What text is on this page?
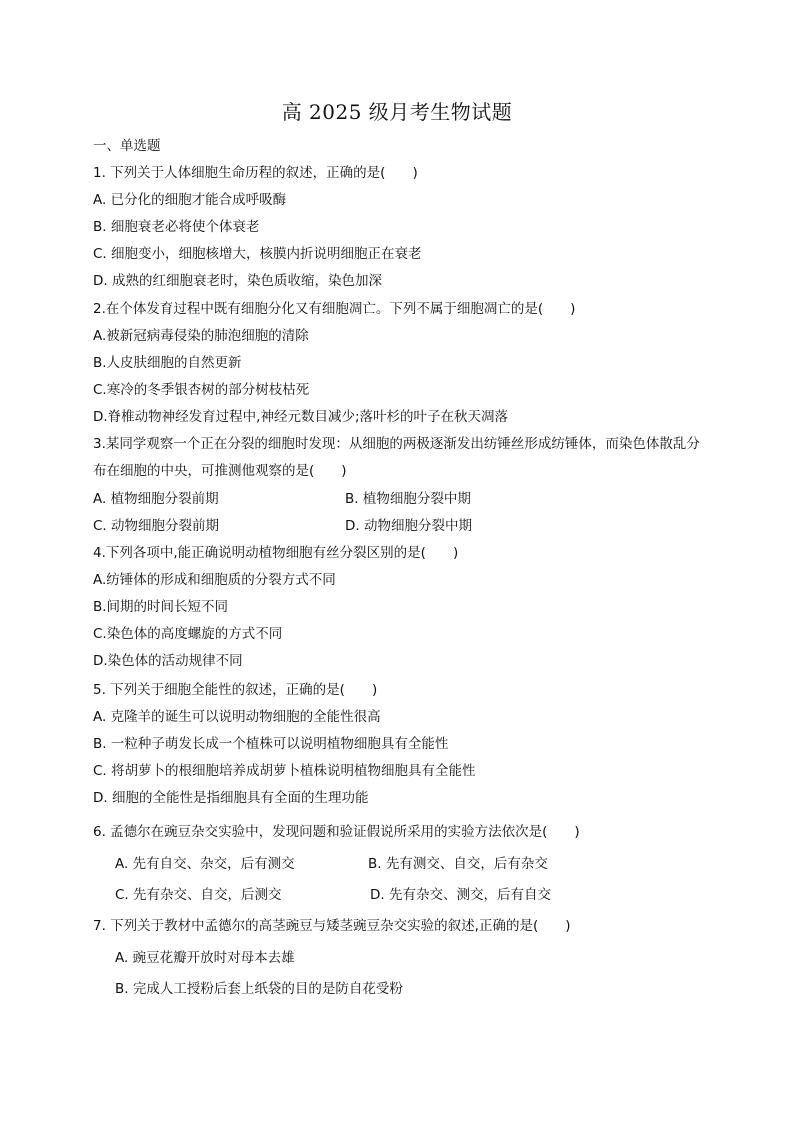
高 2025 级月考生物试题
一、单选题
1. 下列关于人体细胞生命历程的叙述，正确的是(　　)
A. 已分化的细胞才能合成呼吸酶
B. 细胞衰老必将使个体衰老
C. 细胞变小，细胞核增大，核膜内折说明细胞正在衰老
D. 成熟的红细胞衰老时，染色质收缩，染色加深
2.在个体发育过程中既有细胞分化又有细胞凋亡。下列不属于细胞凋亡的是(　　)
A.被新冠病毒侵染的肺泡细胞的清除
B.人皮肤细胞的自然更新
C.寒冷的冬季银杏树的部分树枝枯死
D.脊椎动物神经发育过程中,神经元数目减少;落叶杉的叶子在秋天凋落
3.某同学观察一个正在分裂的细胞时发现：从细胞的两极逐渐发出纺锤丝形成纺锤体，而染色体散乱分布在细胞的中央，可推测他观察的是(　　)
A. 植物细胞分裂前期	B. 植物细胞分裂中期
C. 动物细胞分裂前期	D. 动物细胞分裂中期
4.下列各项中,能正确说明动植物细胞有丝分裂区别的是(　　)
A.纺锤体的形成和细胞质的分裂方式不同
B.间期的时间长短不同
C.染色体的高度螺旋的方式不同
D.染色体的活动规律不同
5. 下列关于细胞全能性的叙述，正确的是(　　)
A. 克隆羊的诞生可以说明动物细胞的全能性很高
B. 一粒种子萌发长成一个植株可以说明植物细胞具有全能性
C. 将胡萝卜的根细胞培养成胡萝卜植株说明植物细胞具有全能性
D. 细胞的全能性是指细胞具有全面的生理功能
6. 孟德尔在豌豆杂交实验中，发现问题和验证假说所采用的实验方法依次是(　　)
A. 先有自交、杂交，后有测交	B. 先有测交、自交，后有杂交
C. 先有杂交、自交，后测交	D. 先有杂交、测交，后有自交
7. 下列关于教材中孟德尔的高茎豌豆与矮茎豌豆杂交实验的叙述,正确的是(　　)
A. 豌豆花瓣开放时对母本去雄
B. 完成人工授粉后套上纸袋的目的是防自花受粉
